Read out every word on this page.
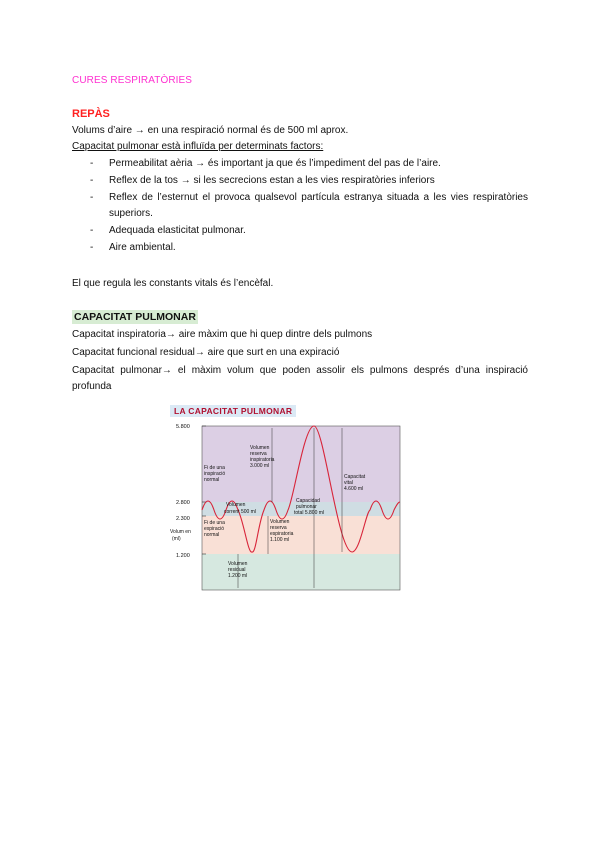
CURES RESPIRATÒRIES
REPÀS
Volums d’aire → en una respiració normal és de 500 ml aprox.
Capacitat pulmonar està influïda per determinats factors:
- Permeabilitat aèria → és important ja que és l’impediment del pas de l’aire.
- Reflex de la tos → si les secrecions estan a les vies respiratòries inferiors
- Reflex de l’esternut el provoca qualsevol partícula estranya situada a les vies respiratòries superiors.
- Adequada elasticitat pulmonar.
- Aire ambiental.
El que regula les constants vitals és l’encèfal.
CAPACITAT PULMONAR
Capacitat inspiratoria→ aire màxim que hi quep dintre dels pulmons
Capacitat funcional residual→ aire que surt en una expiració
Capacitat pulmonar→ el màxim volum que poden assolir els pulmons després d’una inspiració profunda
5.800
2.800
2.300
1.200
Volum en
(ml)
Fi de una
inspiració
normal
Fi de una
expiració
normal
Volumen
corrent 500 ml
Volumen
reserva
inspiratoria
3.000 ml
Volumen
reserva
espiratoria
1.100 ml
Volumen
residual
1.200 ml
Capacidad
pulmonar
total 5.800 ml
Capacitat
vital
4.600 ml
LA CAPACITAT PULMONAR
